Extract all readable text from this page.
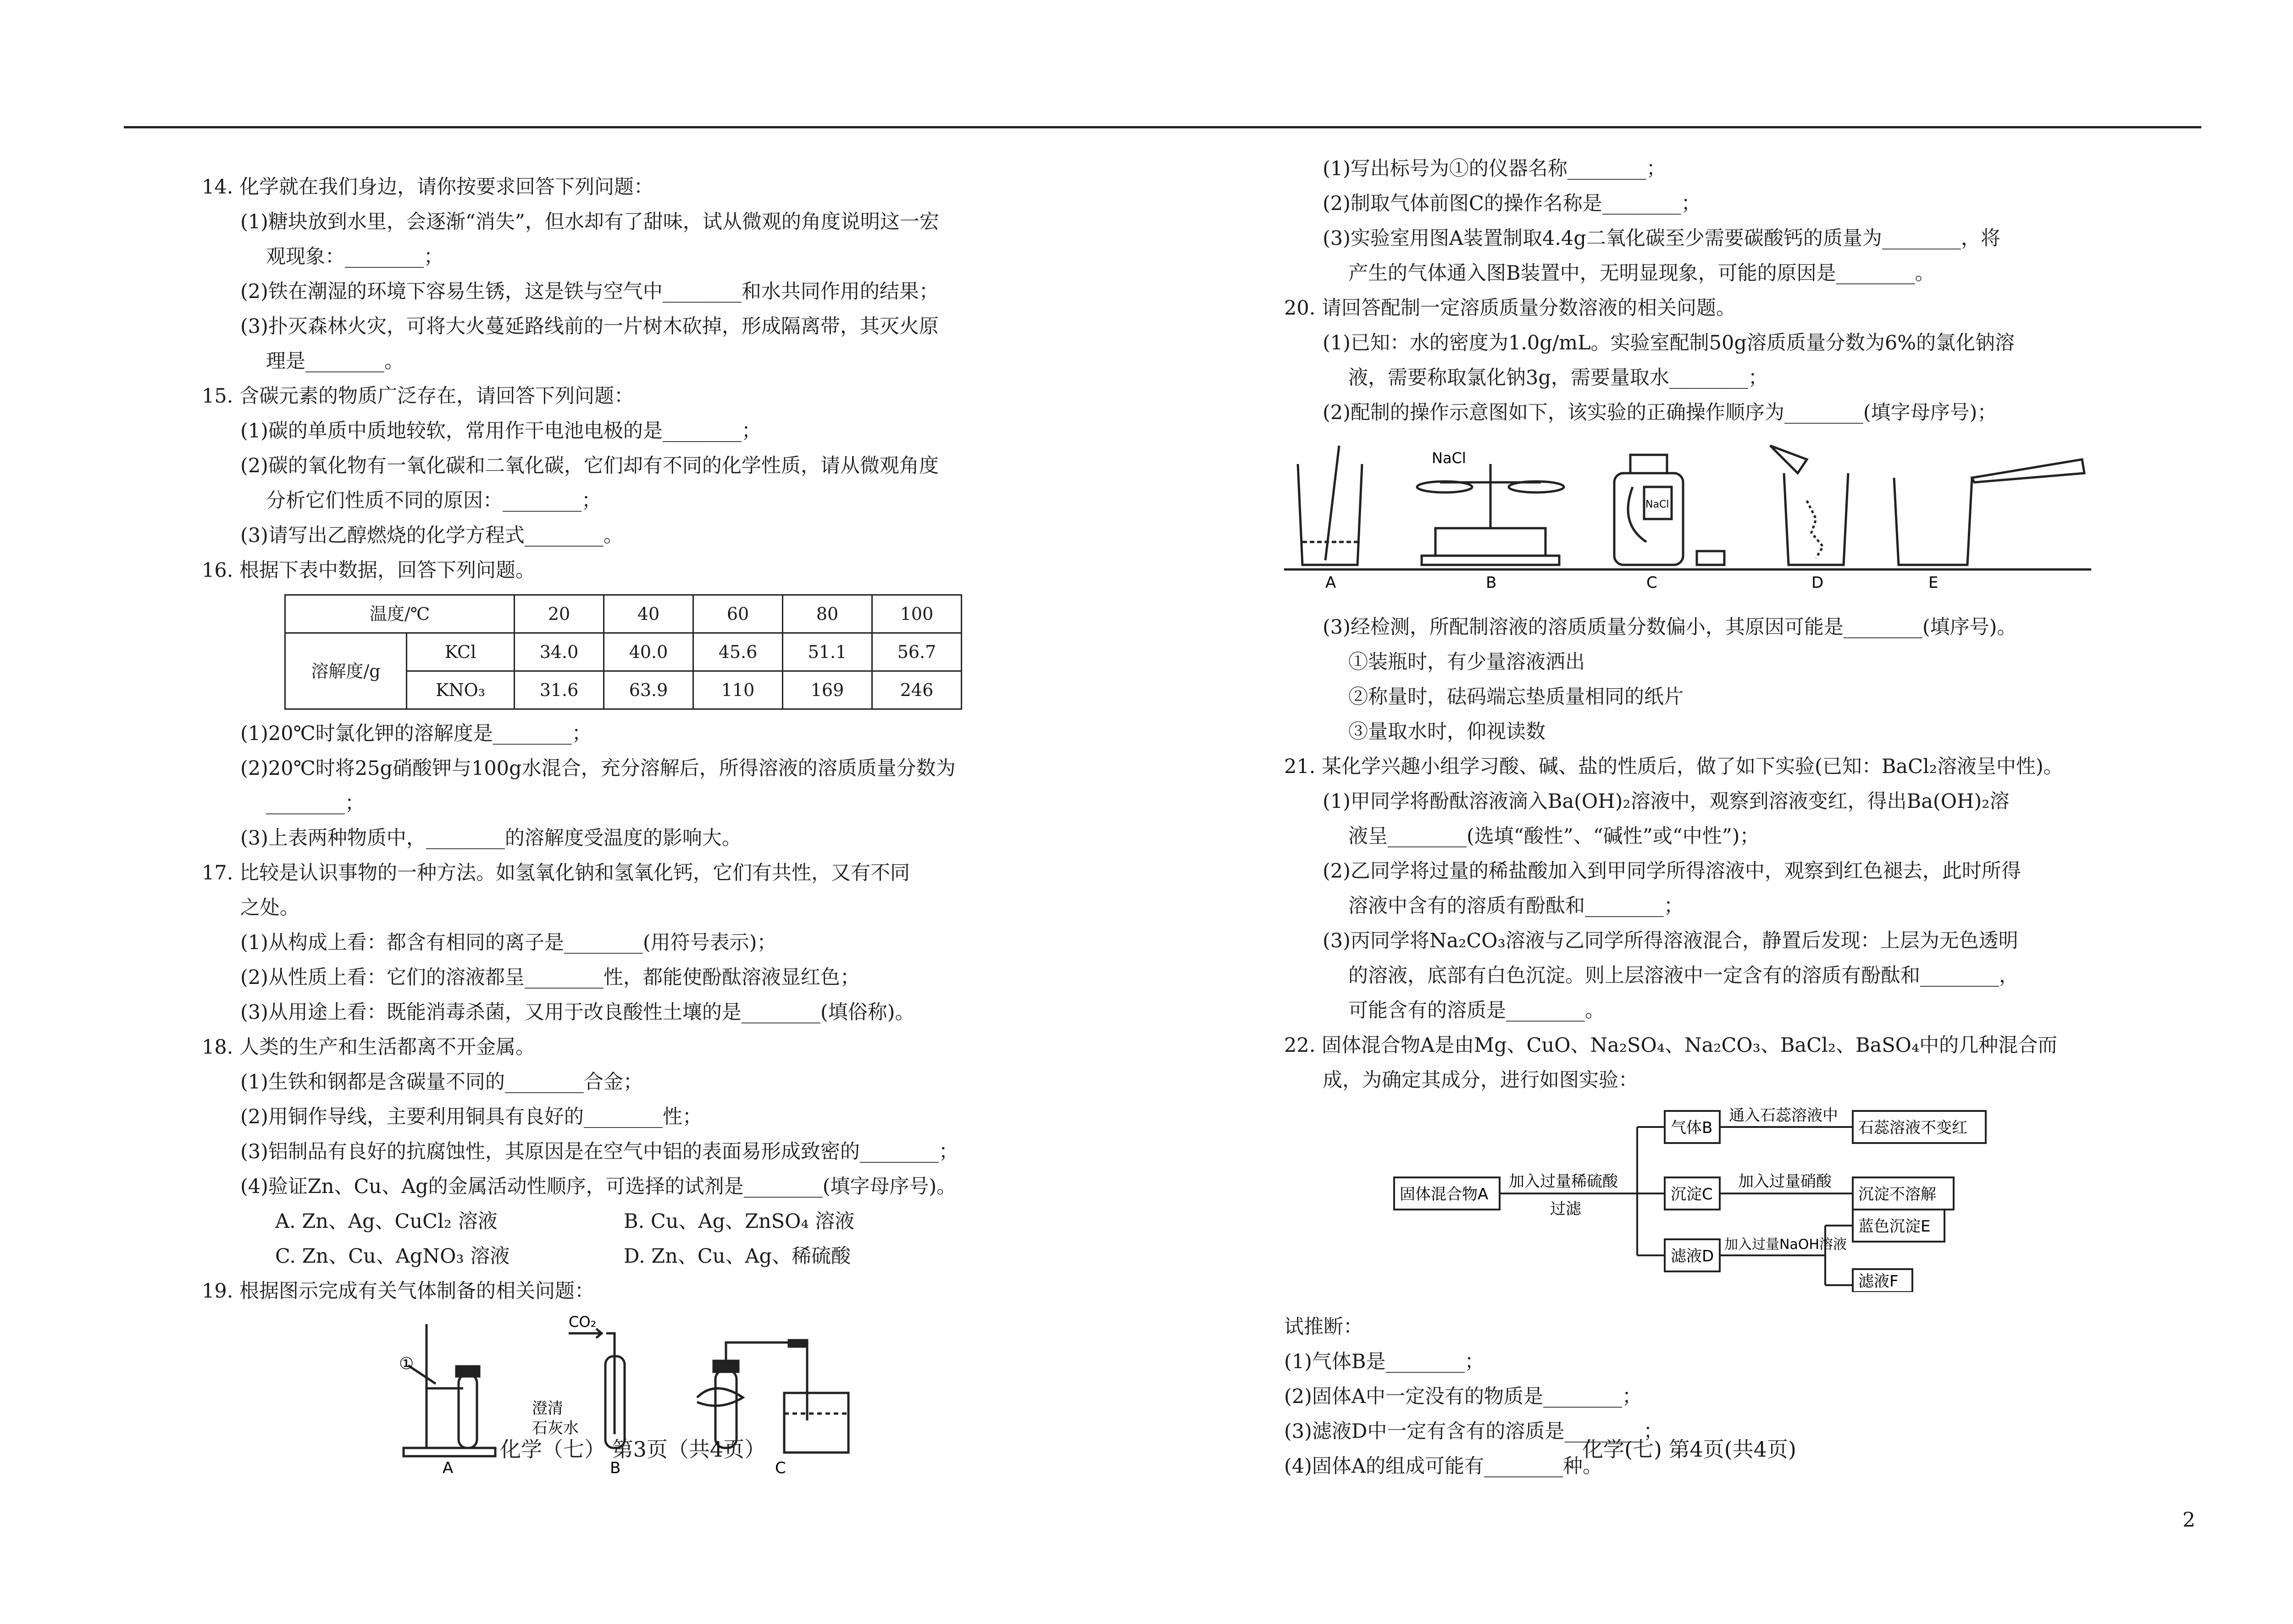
14. 化学就在我们身边，请你按要求回答下列问题：
(1)糖块放到水里，会逐渐“消失”，但水却有了甜味，试从微观的角度说明这一宏
观现象：________；
(2)铁在潮湿的环境下容易生锈，这是铁与空气中________和水共同作用的结果；
(3)扑灭森林火灾，可将大火蔓延路线前的一片树木砍掉，形成隔离带，其灭火原
理是________。
15. 含碳元素的物质广泛存在，请回答下列问题：
(1)碳的单质中质地较软，常用作干电池电极的是________；
(2)碳的氧化物有一氧化碳和二氧化碳，它们却有不同的化学性质，请从微观角度
分析它们性质不同的原因：________；
(3)请写出乙醇燃烧的化学方程式________。
16. 根据下表中数据，回答下列问题。
温度/℃		20	40	60	80	100
溶解度/g	KCl	34.0	40.0	45.6	51.1	56.7
	KNO₃	31.6	63.9	110	169	246
(1)20℃时氯化钾的溶解度是________；
(2)20℃时将25g硝酸钾与100g水混合，充分溶解后，所得溶液的溶质质量分数为
________；
(3)上表两种物质中，________的溶解度受温度的影响大。
17. 比较是认识事物的一种方法。如氢氧化钠和氢氧化钙，它们有共性，又有不同
之处。
(1)从构成上看：都含有相同的离子是________(用符号表示)；
(2)从性质上看：它们的溶液都呈________性，都能使酚酞溶液显红色；
(3)从用途上看：既能消毒杀菌，又用于改良酸性土壤的是________(填俗称)。
18. 人类的生产和生活都离不开金属。
(1)生铁和钢都是含碳量不同的________合金；
(2)用铜作导线，主要利用铜具有良好的________性；
(3)铝制品有良好的抗腐蚀性，其原因是在空气中铝的表面易形成致密的________；
(4)验证Zn、Cu、Ag的金属活动性顺序，可选择的试剂是________(填字母序号)。
A. Zn、Ag、CuCl₂ 溶液	B. Cu、Ag、ZnSO₄ 溶液
C. Zn、Cu、AgNO₃ 溶液	D. Zn、Cu、Ag、稀硫酸
19. 根据图示完成有关气体制备的相关问题：
①
CO₂
澄清
石灰水
A	B	C
化学（七） 第3页（共4页）
(1)写出标号为①的仪器名称________；
(2)制取气体前图C的操作名称是________；
(3)实验室用图A装置制取4.4g二氧化碳至少需要碳酸钙的质量为________，将
产生的气体通入图B装置中，无明显现象，可能的原因是________。
20. 请回答配制一定溶质质量分数溶液的相关问题。
(1)已知：水的密度为1.0g/mL。实验室配制50g溶质质量分数为6%的氯化钠溶
液，需要称取氯化钠3g，需要量取水________；
(2)配制的操作示意图如下，该实验的正确操作顺序为________(填字母序号)；
NaCl
NaCl
A	B	C	D	E
(3)经检测，所配制溶液的溶质质量分数偏小，其原因可能是________(填序号)。
①装瓶时，有少量溶液洒出
②称量时，砝码端忘垫质量相同的纸片
③量取水时，仰视读数
21. 某化学兴趣小组学习酸、碱、盐的性质后，做了如下实验(已知：BaCl₂溶液呈中性)。
(1)甲同学将酚酞溶液滴入Ba(OH)₂溶液中，观察到溶液变红，得出Ba(OH)₂溶
液呈________(选填“酸性”、“碱性”或“中性”)；
(2)乙同学将过量的稀盐酸加入到甲同学所得溶液中，观察到红色褪去，此时所得
溶液中含有的溶质有酚酞和________；
(3)丙同学将Na₂CO₃溶液与乙同学所得溶液混合，静置后发现：上层为无色透明
的溶液，底部有白色沉淀。则上层溶液中一定含有的溶质有酚酞和________，
可能含有的溶质是________。
22. 固体混合物A是由Mg、CuO、Na₂SO₄、Na₂CO₃、BaCl₂、BaSO₄中的几种混合而
成，为确定其成分，进行如图实验：
固体混合物A
加入过量稀硫酸
过滤
气体B
沉淀C
滤液D
通入石蕊溶液中
加入过量硝酸
加入过量NaOH溶液
石蕊溶液不变红
沉淀不溶解
蓝色沉淀E
滤液F
试推断：
(1)气体B是________；
(2)固体A中一定没有的物质是________；
(3)滤液D中一定有含有的溶质是________；
(4)固体A的组成可能有________种。
化学(七) 第4页(共4页)
2
